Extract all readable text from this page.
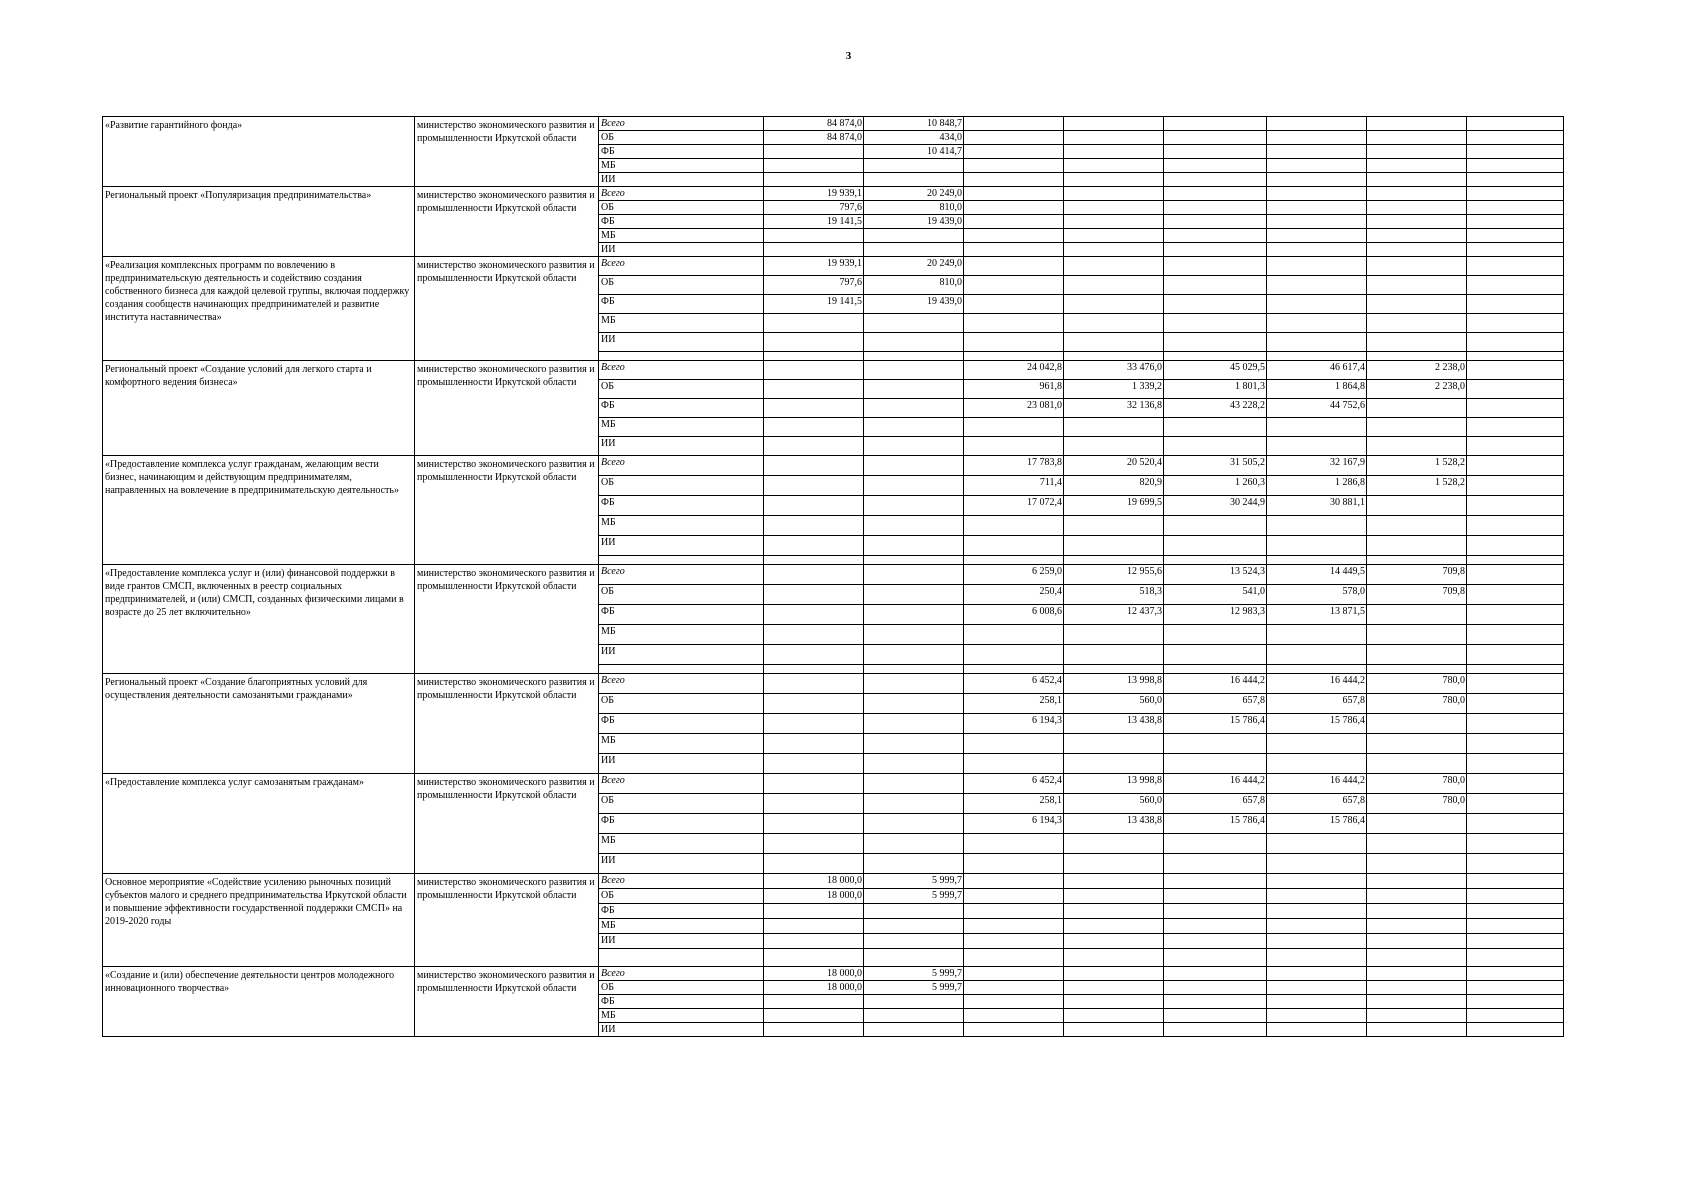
3
«Развитие гарантийного фонда»	министерство экономического развития и промышленности Иркутской области	Всего	84 874,0	10 848,7						
		ОБ	84 874,0	434,0						
		ФБ		10 414,7						
		МБ								
		ИИ								
Региональный проект «Популяризация предпринимательства»	министерство экономического развития и промышленности Иркутской области	Всего	19 939,1	20 249,0						
		ОБ	797,6	810,0						
		ФБ	19 141,5	19 439,0						
		МБ								
		ИИ								
«Реализация комплексных программ по вовлечению в предпринимательскую деятельность и содействию создания собственного бизнеса для каждой целевой группы, включая поддержку создания сообществ начинающих предпринимателей и развитие института наставничества»	министерство экономического развития и промышленности Иркутской области	Всего	19 939,1	20 249,0						
		ОБ	797,6	810,0						
		ФБ	19 141,5	19 439,0						
		МБ								
		ИИ								

Региональный проект «Создание условий для легкого старта и комфортного ведения бизнеса»	министерство экономического развития и промышленности Иркутской области	Всего			24 042,8	33 476,0	45 029,5	46 617,4	2 238,0	
		ОБ			961,8	1 339,2	1 801,3	1 864,8	2 238,0	
		ФБ			23 081,0	32 136,8	43 228,2	44 752,6		
		МБ								
		ИИ								
«Предоставление комплекса услуг гражданам, желающим вести бизнес, начинающим и действующим предпринимателям, направленных на вовлечение в предпринимательскую деятельность»	министерство экономического развития и промышленности Иркутской области	Всего			17 783,8	20 520,4	31 505,2	32 167,9	1 528,2	
		ОБ			711,4	820,9	1 260,3	1 286,8	1 528,2	
		ФБ			17 072,4	19 699,5	30 244,9	30 881,1		
		МБ								
		ИИ								

«Предоставление комплекса услуг и (или) финансовой поддержки в виде грантов СМСП, включенных в реестр социальных предпринимателей, и (или) СМСП, созданных физическими лицами в возрасте до 25 лет включительно»	министерство экономического развития и промышленности Иркутской области	Всего			6 259,0	12 955,6	13 524,3	14 449,5	709,8	
		ОБ			250,4	518,3	541,0	578,0	709,8	
		ФБ			6 008,6	12 437,3	12 983,3	13 871,5		
		МБ								
		ИИ								

Региональный проект «Создание благоприятных условий для осуществления деятельности самозанятыми гражданами»	министерство экономического развития и промышленности Иркутской области	Всего			6 452,4	13 998,8	16 444,2	16 444,2	780,0	
		ОБ			258,1	560,0	657,8	657,8	780,0	
		ФБ			6 194,3	13 438,8	15 786,4	15 786,4		
		МБ								
		ИИ								
«Предоставление комплекса услуг самозанятым гражданам»	министерство экономического развития и промышленности Иркутской области	Всего			6 452,4	13 998,8	16 444,2	16 444,2	780,0	
		ОБ			258,1	560,0	657,8	657,8	780,0	
		ФБ			6 194,3	13 438,8	15 786,4	15 786,4		
		МБ								
		ИИ								
Основное мероприятие «Содействие усилению рыночных позиций субъектов малого и среднего предпринимательства Иркутской области и повышение эффективности государственной поддержки СМСП» на 2019-2020 годы	министерство экономического развития и промышленности Иркутской области	Всего	18 000,0	5 999,7						
		ОБ	18 000,0	5 999,7						
		ФБ								
		МБ								
		ИИ								

«Создание и (или) обеспечение деятельности центров молодежного инновационного творчества»	министерство экономического развития и промышленности Иркутской области	Всего	18 000,0	5 999,7						
		ОБ	18 000,0	5 999,7						
		ФБ								
		МБ								
		ИИ								
